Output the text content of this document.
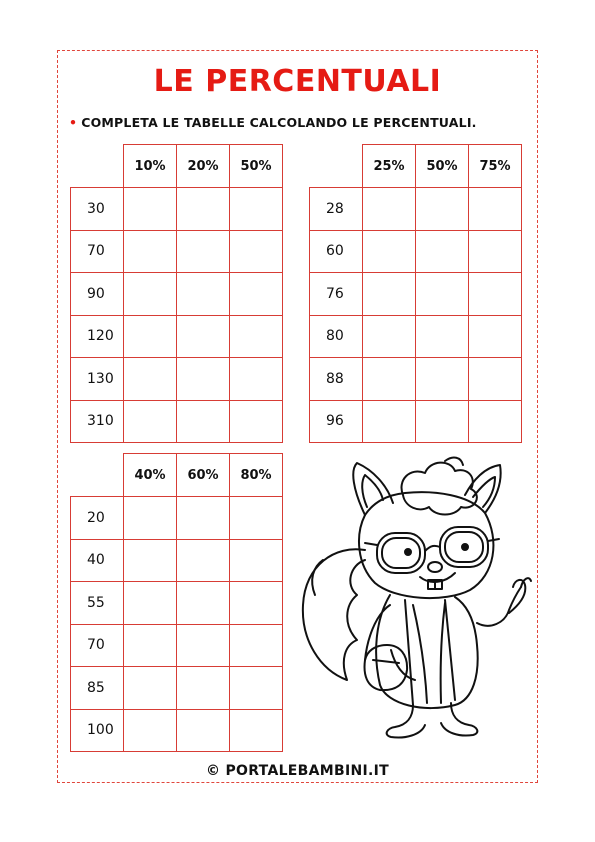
LE PERCENTUALI
• COMPLETA LE TABELLE CALCOLANDO LE PERCENTUALI.
	10%	20%	50%
30			
70			
90			
120			
130			
310			
	25%	50%	75%
28			
60			
76			
80			
88			
96			
	40%	60%	80%
20			
40			
55			
70			
85			
100			
© PORTALEBAMBINI.IT
